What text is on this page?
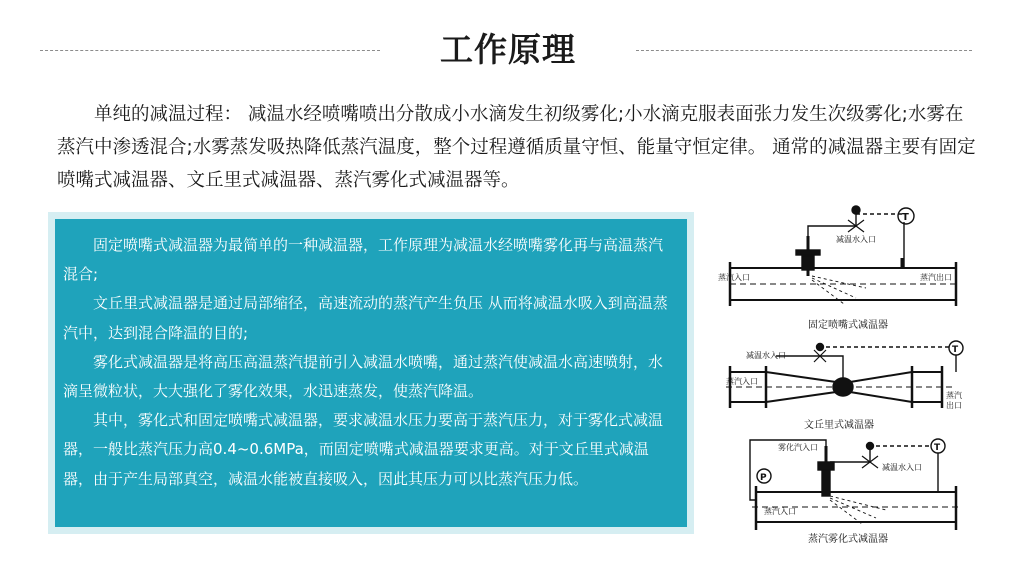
工作原理

单纯的减温过程： 减温水经喷嘴喷出分散成小水滴发生初级雾化;小水滴克服表面张力发生次级雾化;水雾在蒸汽中渗透混合;水雾蒸发吸热降低蒸汽温度，整个过程遵循质量守恒、能量守恒定律。 通常的减温器主要有固定喷嘴式减温器、文丘里式减温器、蒸汽雾化式减温器等。

固定喷嘴式减温器为最简单的一种减温器，工作原理为减温水经喷嘴雾化再与高温蒸汽混合;

文丘里式减温器是通过局部缩径，高速流动的蒸汽产生负压 从而将减温水吸入到高温蒸汽中，达到混合降温的目的;

雾化式减温器是将高压高温蒸汽提前引入减温水喷嘴，通过蒸汽使减温水高速喷射，水滴呈微粒状，大大强化了雾化效果，水迅速蒸发，使蒸汽降温。

其中，雾化式和固定喷嘴式减温器，要求减温水压力要高于蒸汽压力，对于雾化式减温器，一般比蒸汽压力高0.4~0.6MPa，而固定喷嘴式减温器要求更高。对于文丘里式减温器，由于产生局部真空，减温水能被直接吸入，因此其压力可以比蒸汽压力低。

T
减温水入口
蒸汽入口	蒸汽出口
固定喷嘴式减温器
T
减温水入口
蒸汽入口
蒸汽
出口
文丘里式减温器
P
T
雾化汽入口
减温水入口
蒸汽入口
蒸汽雾化式减温器
